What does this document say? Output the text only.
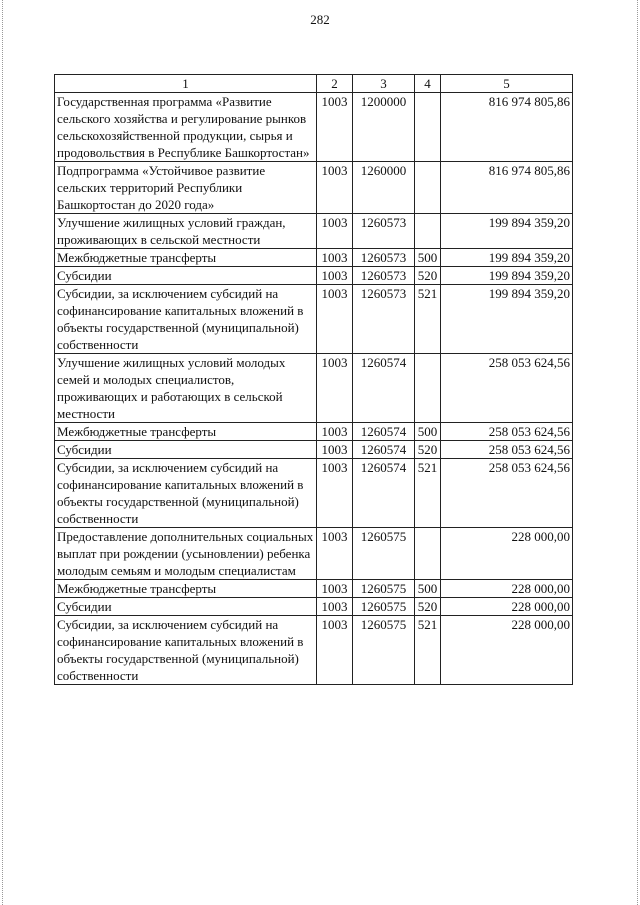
282
1	2	3	4	5
Государственная программа «Развитие сельского хозяйства и регулирование рынков сельскохозяйственной продукции, сырья и продовольствия в Республике Башкортостан»	1003	1200000		816 974 805,86
Подпрограмма «Устойчивое развитие сельских территорий Республики Башкортостан до 2020 года»	1003	1260000		816 974 805,86
Улучшение жилищных условий граждан, проживающих в сельской местности	1003	1260573		199 894 359,20
Межбюджетные трансферты	1003	1260573	500	199 894 359,20
Субсидии	1003	1260573	520	199 894 359,20
Субсидии, за исключением субсидий на софинансирование капитальных вложений в объекты государственной (муниципальной) собственности	1003	1260573	521	199 894 359,20
Улучшение жилищных условий молодых семей и молодых специалистов, проживающих и работающих в сельской местности	1003	1260574		258 053 624,56
Межбюджетные трансферты	1003	1260574	500	258 053 624,56
Субсидии	1003	1260574	520	258 053 624,56
Субсидии, за исключением субсидий на софинансирование капитальных вложений в объекты государственной (муниципальной) собственности	1003	1260574	521	258 053 624,56
Предоставление дополнительных социальных выплат при рождении (усыновлении) ребенка молодым семьям и молодым специалистам	1003	1260575		228 000,00
Межбюджетные трансферты	1003	1260575	500	228 000,00
Субсидии	1003	1260575	520	228 000,00
Субсидии, за исключением субсидий на софинансирование капитальных вложений в объекты государственной (муниципальной) собственности	1003	1260575	521	228 000,00
